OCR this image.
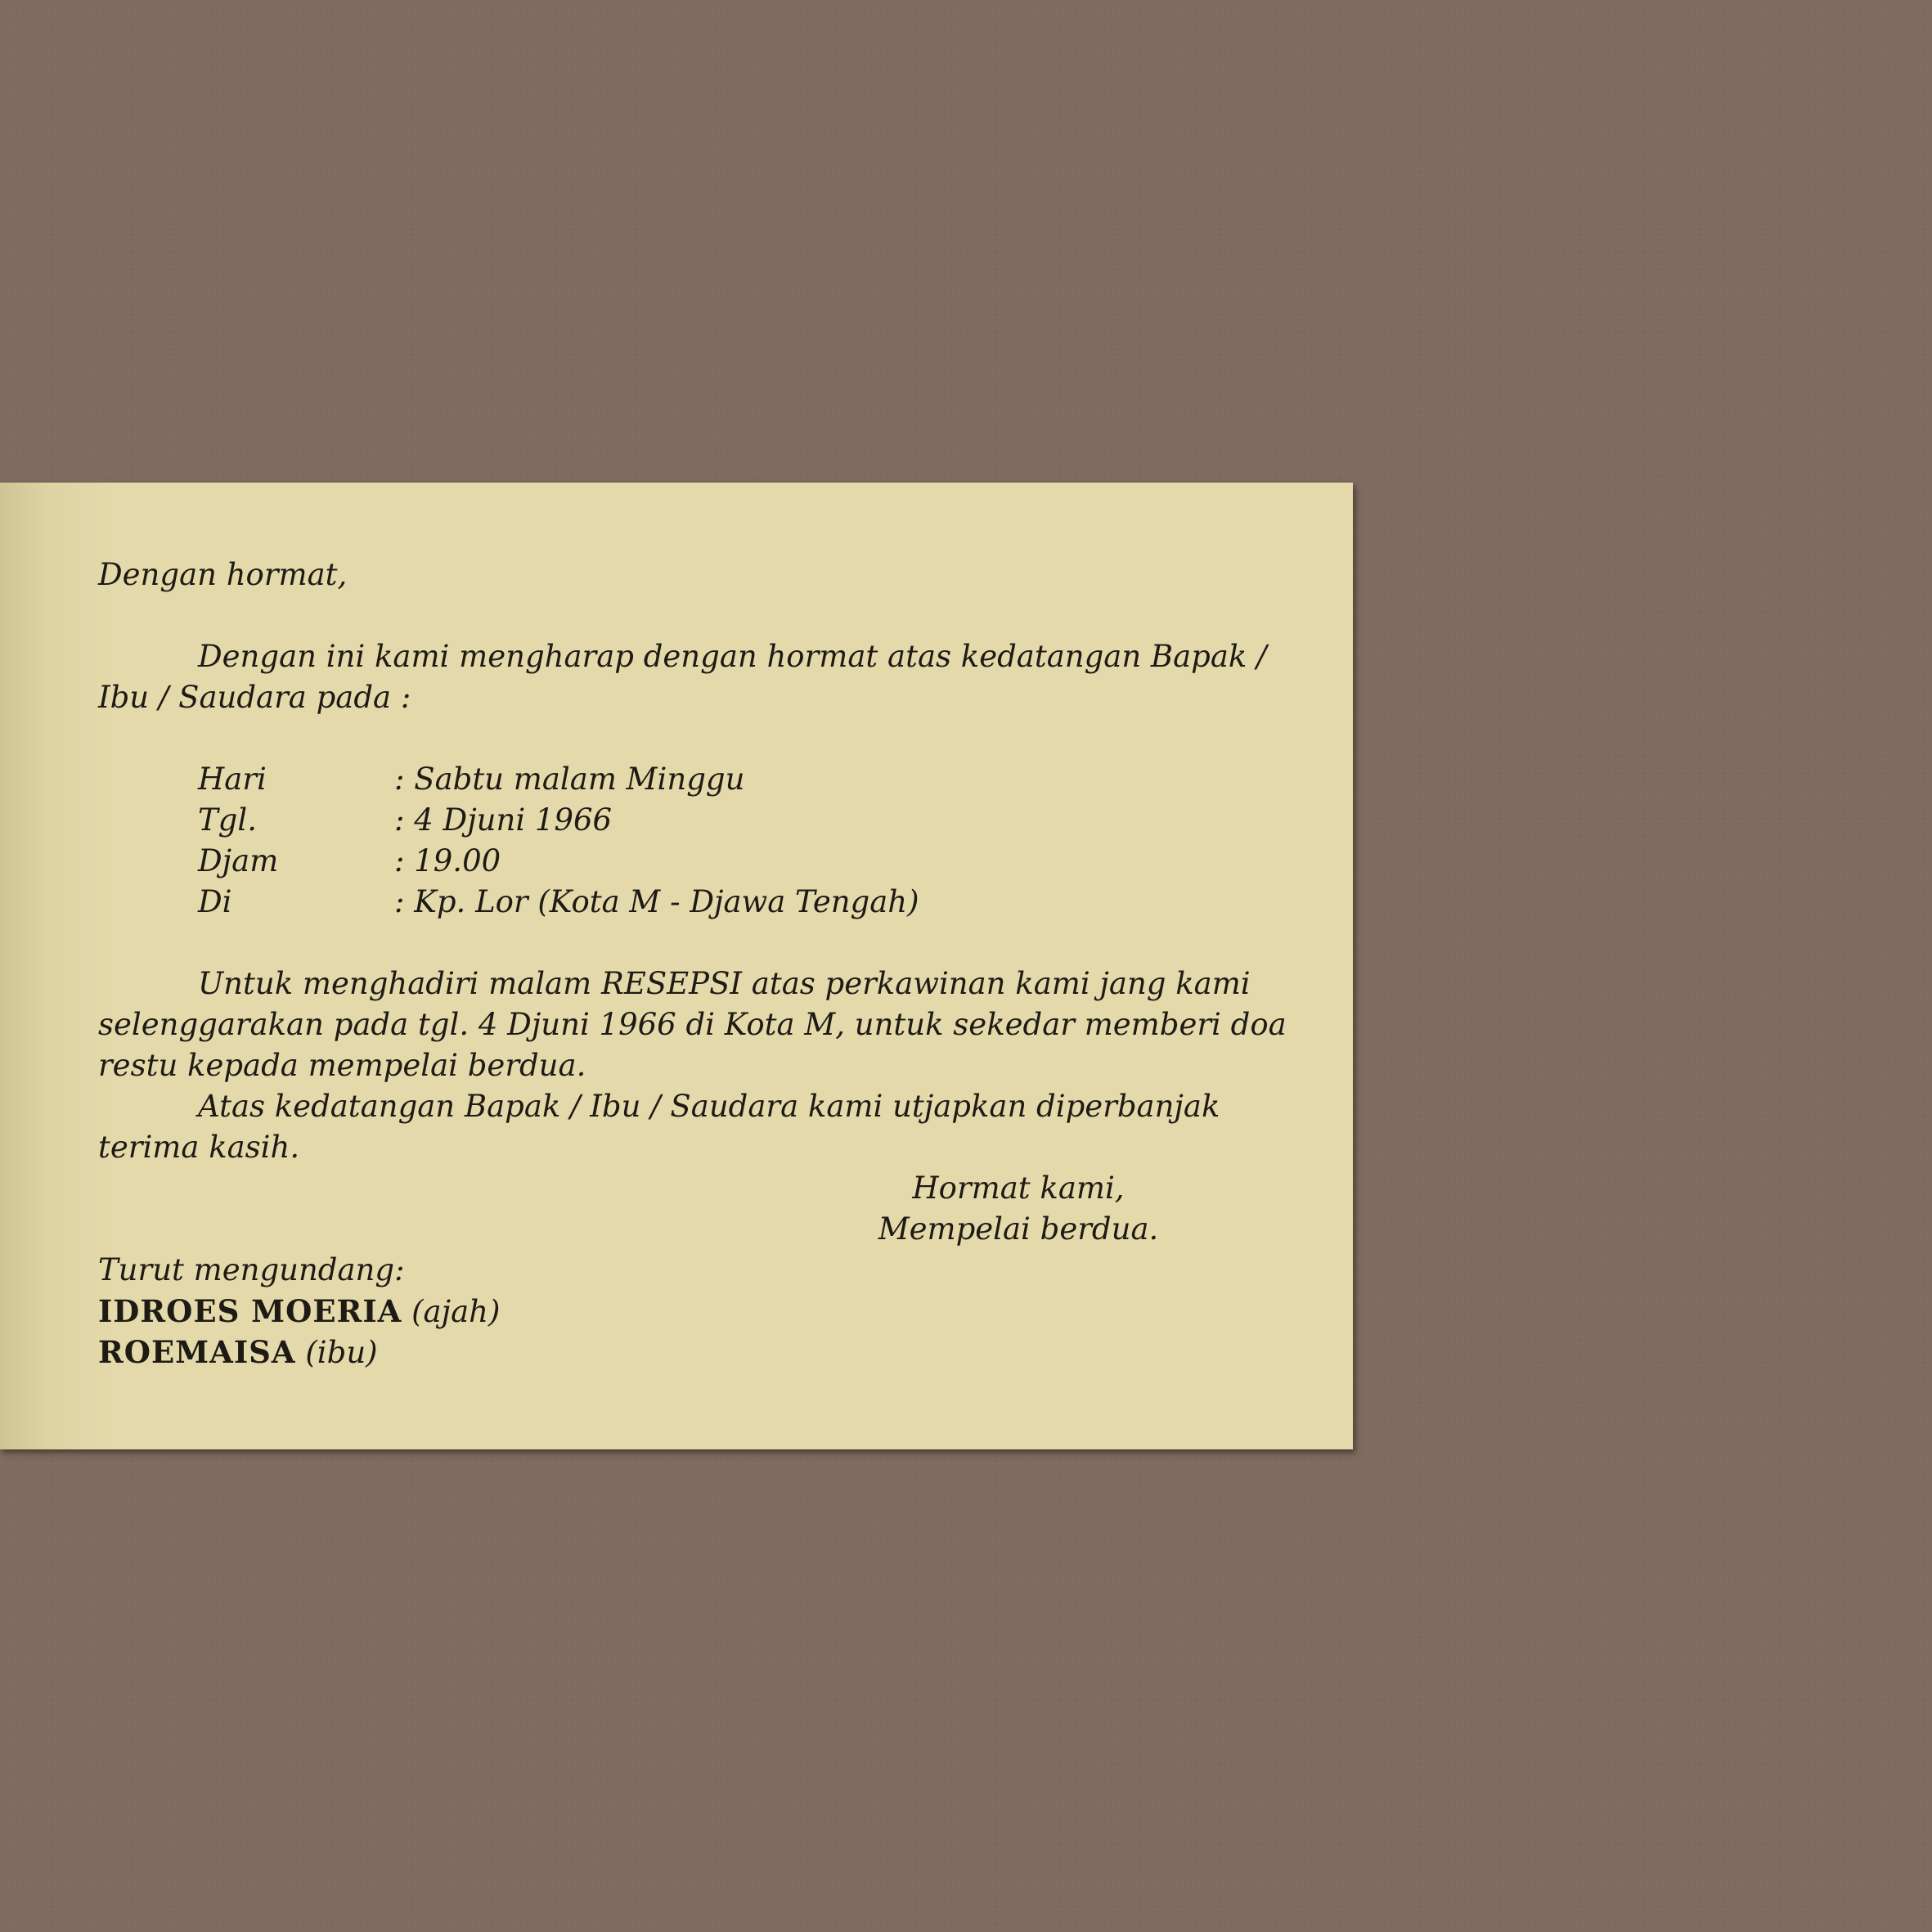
Dengan hormat,

Dengan ini kami mengharap dengan hormat atas kedatangan Bapak /

Ibu / Saudara pada :

Hari	: Sabtu malam Minggu
Tgl.	: 4 Djuni 1966
Djam	: 19.00
Di	: Kp. Lor (Kota M - Djawa Tengah)

Untuk menghadiri malam RESEPSI atas perkawinan kami jang kami

selenggarakan pada tgl. 4 Djuni 1966 di Kota M, untuk sekedar memberi doa

restu kepada mempelai berdua.

Atas kedatangan Bapak / Ibu / Saudara kami utjapkan diperbanjak

terima kasih.

Hormat kami,
Mempelai berdua.

Turut mengundang:

IDROES MOERIA (ajah)
ROEMAISA (ibu)
